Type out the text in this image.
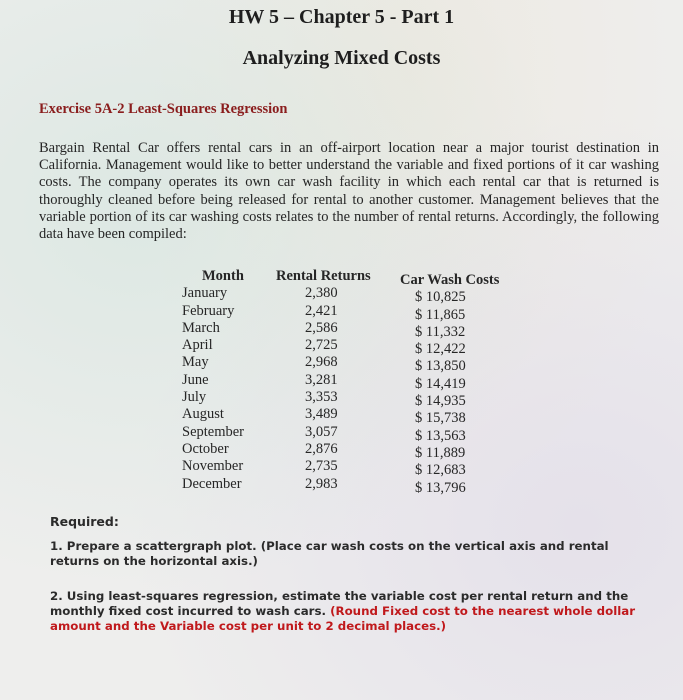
HW 5 – Chapter 5 - Part 1
Analyzing Mixed Costs
Exercise 5A-2 Least-Squares Regression
Bargain Rental Car offers rental cars in an off-airport location near a major tourist destination in California. Management would like to better understand the variable and fixed portions of it car washing costs. The company operates its own car wash facility in which each rental car that is returned is thoroughly cleaned before being released for rental to another customer. Management believes that the variable portion of its car washing costs relates to the number of rental returns. Accordingly, the following data have been compiled:
Month
January
February
March
April
May
June
July
August
September
October
November
December
Rental Returns
2,380
2,421
2,586
2,725
2,968
3,281
3,353
3,489
3,057
2,876
2,735
2,983
Car Wash Costs
$ 10,825
$ 11,865
$ 11,332
$ 12,422
$ 13,850
$ 14,419
$ 14,935
$ 15,738
$ 13,563
$ 11,889
$ 12,683
$ 13,796
Required:
1. Prepare a scattergraph plot. (Place car wash costs on the vertical axis and rental returns on the horizontal axis.)
2. Using least-squares regression, estimate the variable cost per rental return and the monthly fixed cost incurred to wash cars. (Round Fixed cost to the nearest whole dollar amount and the Variable cost per unit to 2 decimal places.)
